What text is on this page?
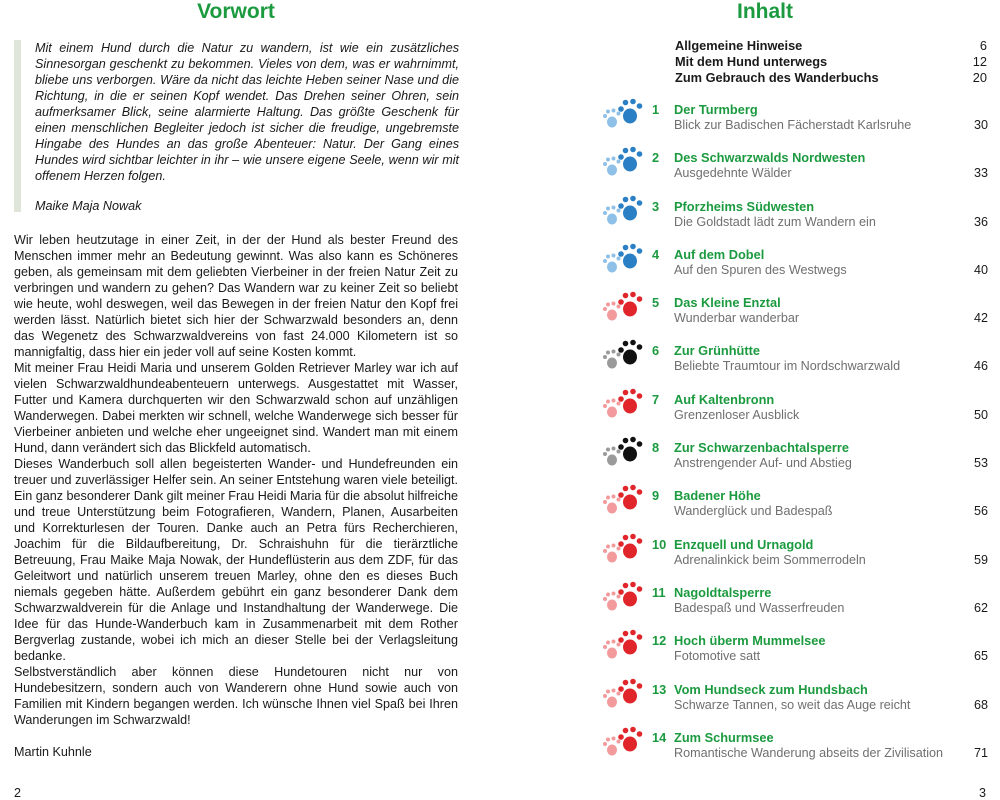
Vorwort

Mit einem Hund durch die Natur zu wandern, ist wie ein zusätzliches Sinnesorgan geschenkt zu bekommen. Vieles von dem, was er wahrnimmt, bliebe uns verborgen. Wäre da nicht das leichte Heben seiner Nase und die Richtung, in die er seinen Kopf wendet. Das Drehen seiner Ohren, sein aufmerksamer Blick, seine alarmierte Haltung. Das größte Geschenk für einen menschlichen Begleiter jedoch ist sicher die freudige, ungebremste Hingabe des Hundes an das große Abenteuer: Natur. Der Gang eines Hundes wird sichtbar leichter in ihr – wie unsere eigene Seele, wenn wir mit offenem Herzen folgen.

Maike Maja Nowak

Wir leben heutzutage in einer Zeit, in der der Hund als bester Freund des Menschen immer mehr an Bedeutung gewinnt. Was also kann es Schöneres geben, als gemeinsam mit dem geliebten Vierbeiner in der freien Natur Zeit zu verbringen und wandern zu gehen? Das Wandern war zu keiner Zeit so beliebt wie heute, wohl deswegen, weil das Bewegen in der freien Natur den Kopf frei werden lässt. Natürlich bietet sich hier der Schwarzwald besonders an, denn das Wegenetz des Schwarzwaldvereins von fast 24.000 Kilometern ist so mannigfaltig, dass hier ein jeder voll auf seine Kosten kommt.

Mit meiner Frau Heidi Maria und unserem Golden Retriever Marley war ich auf vielen Schwarzwaldhundeabenteuern unterwegs. Ausgestattet mit Wasser, Futter und Kamera durchquerten wir den Schwarzwald schon auf unzähligen Wanderwegen. Dabei merkten wir schnell, welche Wanderwege sich besser für Vierbeiner anbieten und welche eher ungeeignet sind. Wandert man mit einem Hund, dann verändert sich das Blickfeld automatisch.

Dieses Wanderbuch soll allen begeisterten Wander- und Hundefreunden ein treuer und zuverlässiger Helfer sein. An seiner Entstehung waren viele beteiligt. Ein ganz besonderer Dank gilt meiner Frau Heidi Maria für die absolut hilfreiche und treue Unterstützung beim Fotografieren, Wandern, Planen, Ausarbeiten und Korrekturlesen der Touren. Danke auch an Petra fürs Recherchieren, Joachim für die Bildaufbereitung, Dr. Schraishuhn für die tierärztliche Betreuung, Frau Maike Maja Nowak, der Hundeflüsterin aus dem ZDF, für das Geleitwort und natürlich unserem treuen Marley, ohne den es dieses Buch niemals gegeben hätte. Außerdem gebührt ein ganz besonderer Dank dem Schwarzwaldverein für die Anlage und Instandhaltung der Wanderwege. Die Idee für das Hunde-Wanderbuch kam in Zusammenarbeit mit dem Rother Bergverlag zustande, wobei ich mich an dieser Stelle bei der Verlagsleitung bedanke.

Selbstverständlich aber können diese Hundetouren nicht nur von Hundebesitzern, sondern auch von Wanderern ohne Hund sowie auch von Familien mit Kindern begangen werden. Ich wünsche Ihnen viel Spaß bei Ihren Wanderungen im Schwarzwald!

Martin Kuhnle
2
Inhalt
Allgemeine Hinweise	6
Mit dem Hund unterwegs	12
Zum Gebrauch des Wanderbuchs	20
1 Der Turmberg
Blick zur Badischen Fächerstadt Karlsruhe	30
2 Des Schwarzwalds Nordwesten
Ausgedehnte Wälder	33
3 Pforzheims Südwesten
Die Goldstadt lädt zum Wandern ein	36
4 Auf dem Dobel
Auf den Spuren des Westwegs	40
5 Das Kleine Enztal
Wunderbar wanderbar	42
6 Zur Grünhütte
Beliebte Traumtour im Nordschwarzwald	46
7 Auf Kaltenbronn
Grenzenloser Ausblick	50
8 Zur Schwarzenbachtalsperre
Anstrengender Auf- und Abstieg	53
9 Badener Höhe
Wanderglück und Badespaß	56
10 Enzquell und Urnagold
Adrenalinkick beim Sommerrodeln	59
11 Nagoldtalsperre
Badespaß und Wasserfreuden	62
12 Hoch überm Mummelsee
Fotomotive satt	65
13 Vom Hundseck zum Hundsbach
Schwarze Tannen, so weit das Auge reicht	68
14 Zum Schurmsee
Romantische Wanderung abseits der Zivilisation 71
3
